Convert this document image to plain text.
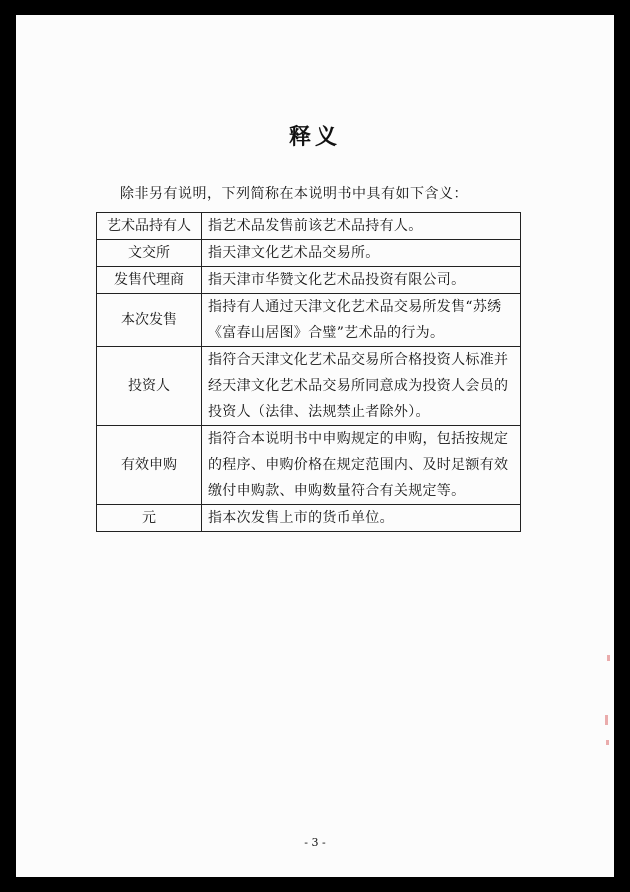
释义
除非另有说明，下列简称在本说明书中具有如下含义：
艺术品持有人	指艺术品发售前该艺术品持有人。
文交所	指天津文化艺术品交易所。
发售代理商	指天津市华赞文化艺术品投资有限公司。
本次发售	指持有人通过天津文化艺术品交易所发售“苏绣《富春山居图》合璧”艺术品的行为。
投资人	指符合天津文化艺术品交易所合格投资人标准并经天津文化艺术品交易所同意成为投资人会员的投资人（法律、法规禁止者除外）。
有效申购	指符合本说明书中申购规定的申购，包括按规定的程序、申购价格在规定范围内、及时足额有效缴付申购款、申购数量符合有关规定等。
元	指本次发售上市的货币单位。
- 3 -
